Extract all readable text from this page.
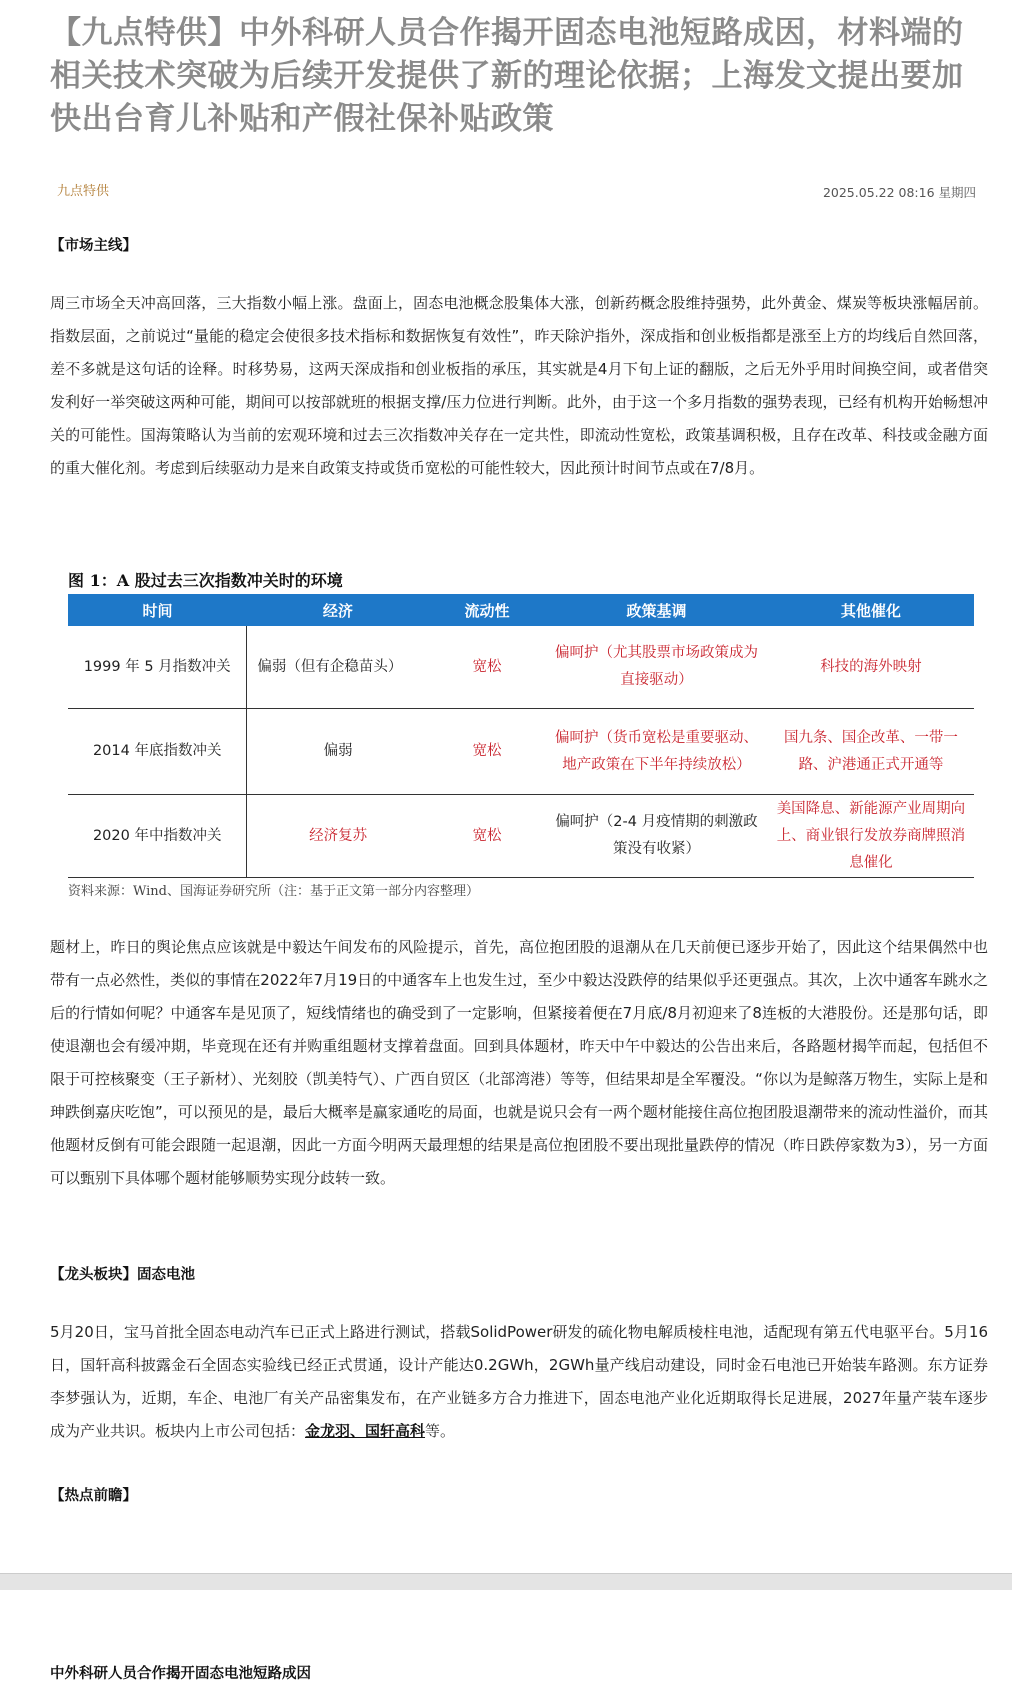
【九点特供】中外科研人员合作揭开固态电池短路成因，材料端的相关技术突破为后续开发提供了新的理论依据；上海发文提出要加快出台育儿补贴和产假社保补贴政策
九点特供	2025.05.22 08:16 星期四
【市场主线】

周三市场全天冲高回落，三大指数小幅上涨。盘面上，固态电池概念股集体大涨，创新药概念股维持强势，此外黄金、煤炭等板块涨幅居前。指数层面，之前说过“量能的稳定会使很多技术指标和数据恢复有效性”，昨天除沪指外，深成指和创业板指都是涨至上方的均线后自然回落，差不多就是这句话的诠释。时移势易，这两天深成指和创业板指的承压，其实就是4月下旬上证的翻版，之后无外乎用时间换空间，或者借突发利好一举突破这两种可能，期间可以按部就班的根据支撑/压力位进行判断。此外，由于这一个多月指数的强势表现，已经有机构开始畅想冲关的可能性。国海策略认为当前的宏观环境和过去三次指数冲关存在一定共性，即流动性宽松，政策基调积极，且存在改革、科技或金融方面的重大催化剂。考虑到后续驱动力是来自政策支持或货币宽松的可能性较大，因此预计时间节点或在7/8月。

图 1：A 股过去三次指数冲关时的环境
时间	经济	流动性	政策基调	其他催化
1999 年 5 月指数冲关	偏弱（但有企稳苗头）	宽松	偏呵护（尤其股票市场政策成为直接驱动）	科技的海外映射
2014 年底指数冲关	偏弱	宽松	偏呵护（货币宽松是重要驱动、地产政策在下半年持续放松）	国九条、国企改革、一带一路、沪港通正式开通等
2020 年中指数冲关	经济复苏	宽松	偏呵护（2-4 月疫情期的刺激政策没有收紧）	美国降息、新能源产业周期向上、商业银行发放券商牌照消息催化
资料来源：Wind、国海证券研究所（注：基于正文第一部分内容整理）

题材上，昨日的舆论焦点应该就是中毅达午间发布的风险提示，首先，高位抱团股的退潮从在几天前便已逐步开始了，因此这个结果偶然中也带有一点必然性，类似的事情在2022年7月19日的中通客车上也发生过，至少中毅达没跌停的结果似乎还更强点。其次，上次中通客车跳水之后的行情如何呢？中通客车是见顶了，短线情绪也的确受到了一定影响，但紧接着便在7月底/8月初迎来了8连板的大港股份。还是那句话，即使退潮也会有缓冲期，毕竟现在还有并购重组题材支撑着盘面。回到具体题材，昨天中午中毅达的公告出来后，各路题材揭竿而起，包括但不限于可控核聚变（王子新材）、光刻胶（凯美特气）、广西自贸区（北部湾港）等等，但结果却是全军覆没。“你以为是鲸落万物生，实际上是和珅跌倒嘉庆吃饱”，可以预见的是，最后大概率是赢家通吃的局面，也就是说只会有一两个题材能接住高位抱团股退潮带来的流动性溢价，而其他题材反倒有可能会跟随一起退潮，因此一方面今明两天最理想的结果是高位抱团股不要出现批量跌停的情况（昨日跌停家数为3），另一方面可以甄别下具体哪个题材能够顺势实现分歧转一致。

【龙头板块】固态电池

5月20日，宝马首批全固态电动汽车已正式上路进行测试，搭载SolidPower研发的硫化物电解质棱柱电池，适配现有第五代电驱平台。5月16日，国轩高科披露金石全固态实验线已经正式贯通，设计产能达0.2GWh，2GWh量产线启动建设，同时金石电池已开始装车路测。东方证券李梦强认为，近期，车企、电池厂有关产品密集发布，在产业链多方合力推进下，固态电池产业化近期取得长足进展，2027年量产装车逐步成为产业共识。板块内上市公司包括：金龙羽、国轩高科等。

【热点前瞻】
中外科研人员合作揭开固态电池短路成因
